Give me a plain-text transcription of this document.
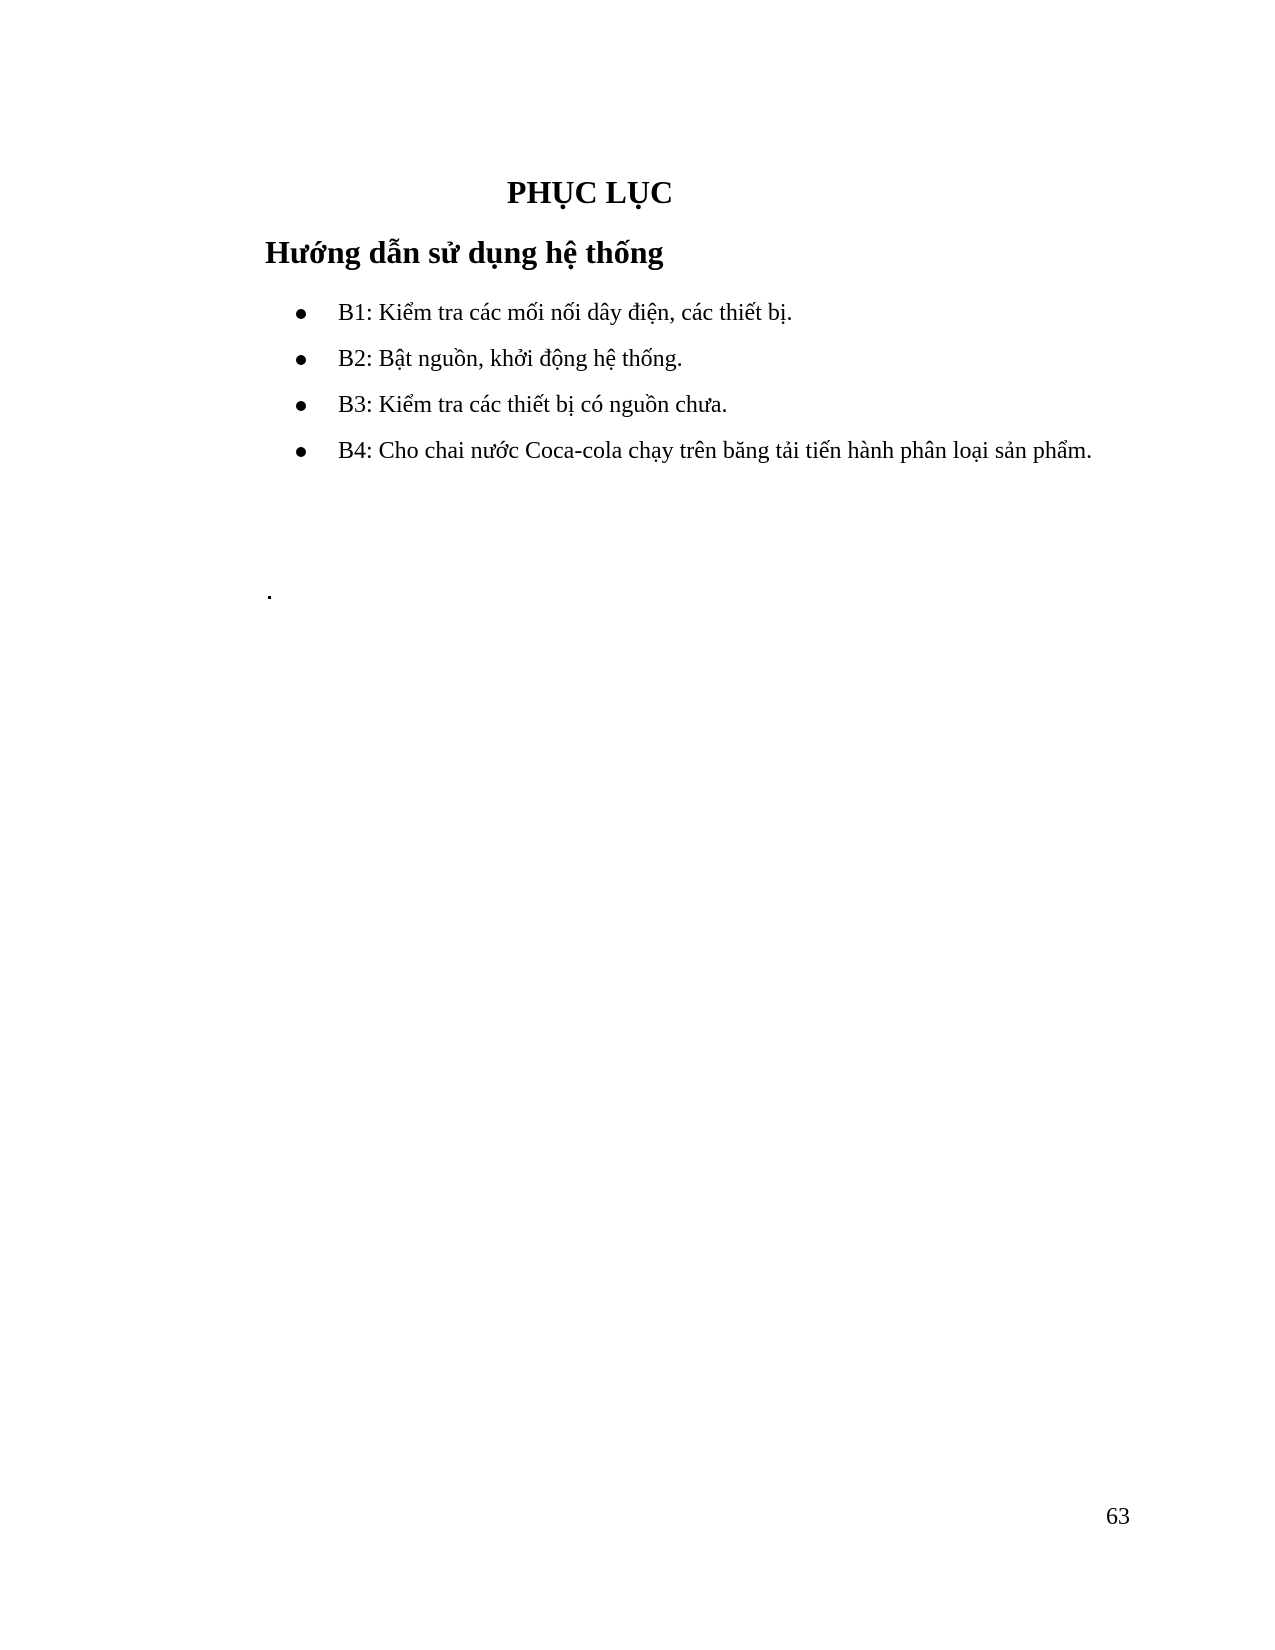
PHỤC LỤC
Hướng dẫn sử dụng hệ thống
B1: Kiểm tra các mối nối dây điện, các thiết bị.
B2: Bật nguồn, khởi động hệ thống.
B3: Kiểm tra các thiết bị có nguồn chưa.
B4: Cho chai nước Coca-cola chạy trên băng tải tiến hành phân loại sản phẩm.
63
